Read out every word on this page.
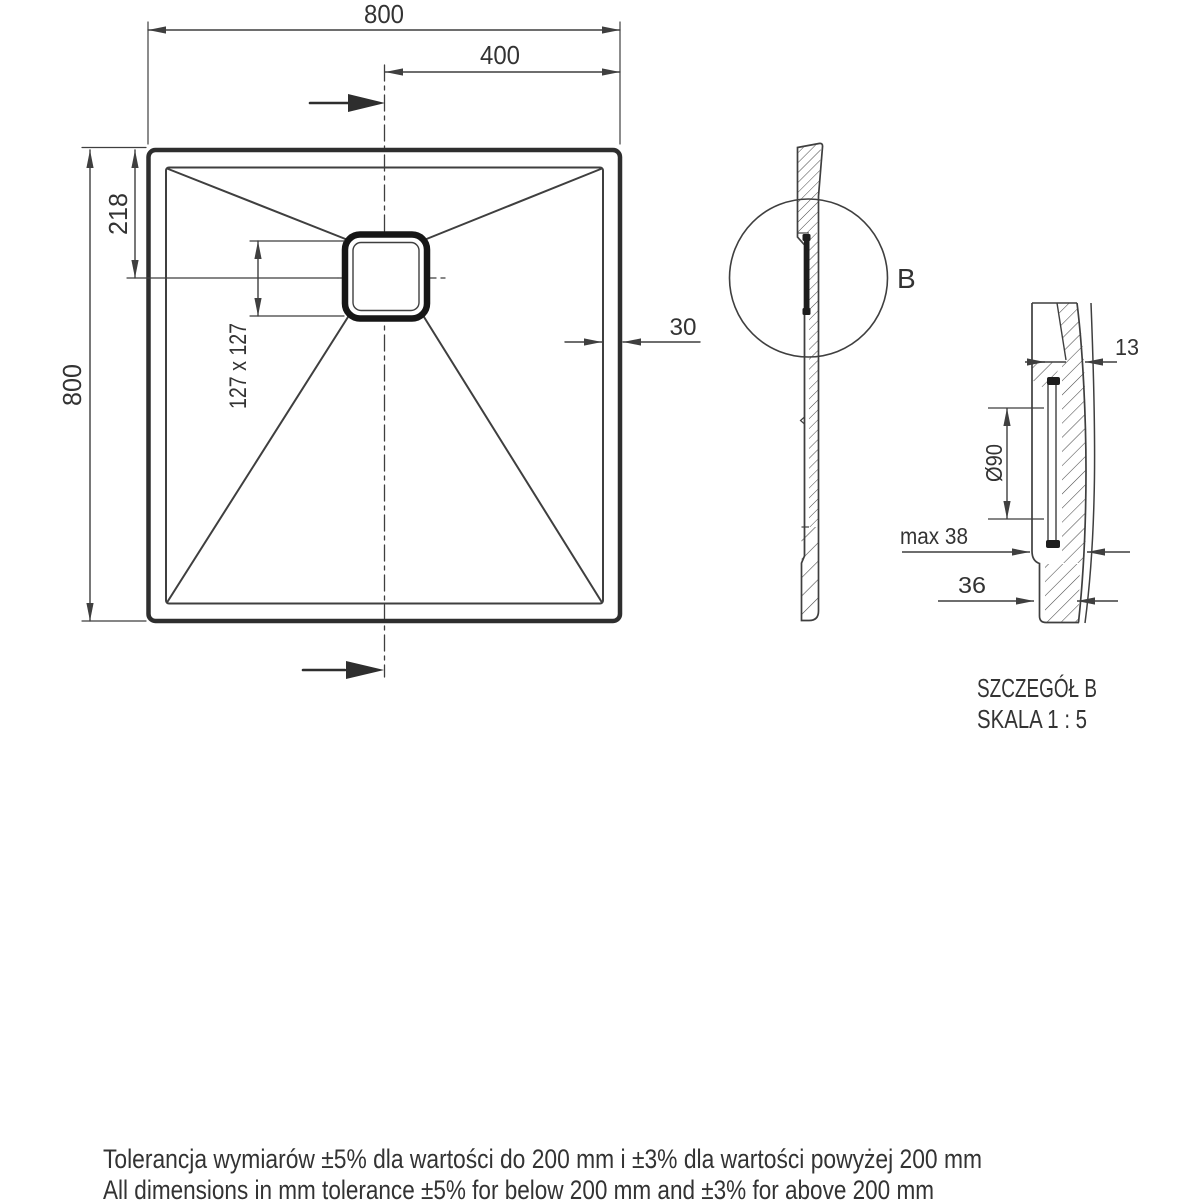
800
400
218
800	127 x 127	30
B
13
Ø90
max 38
36
SZCZEGÓŁ B
SKALA 1 : 5
Tolerancja wymiarów ±5% dla wartości do 200 mm i ±3% dla wartości powyżej 200 mm
All dimensions in mm tolerance ±5% for below 200 mm and ±3% for above 200 mm
